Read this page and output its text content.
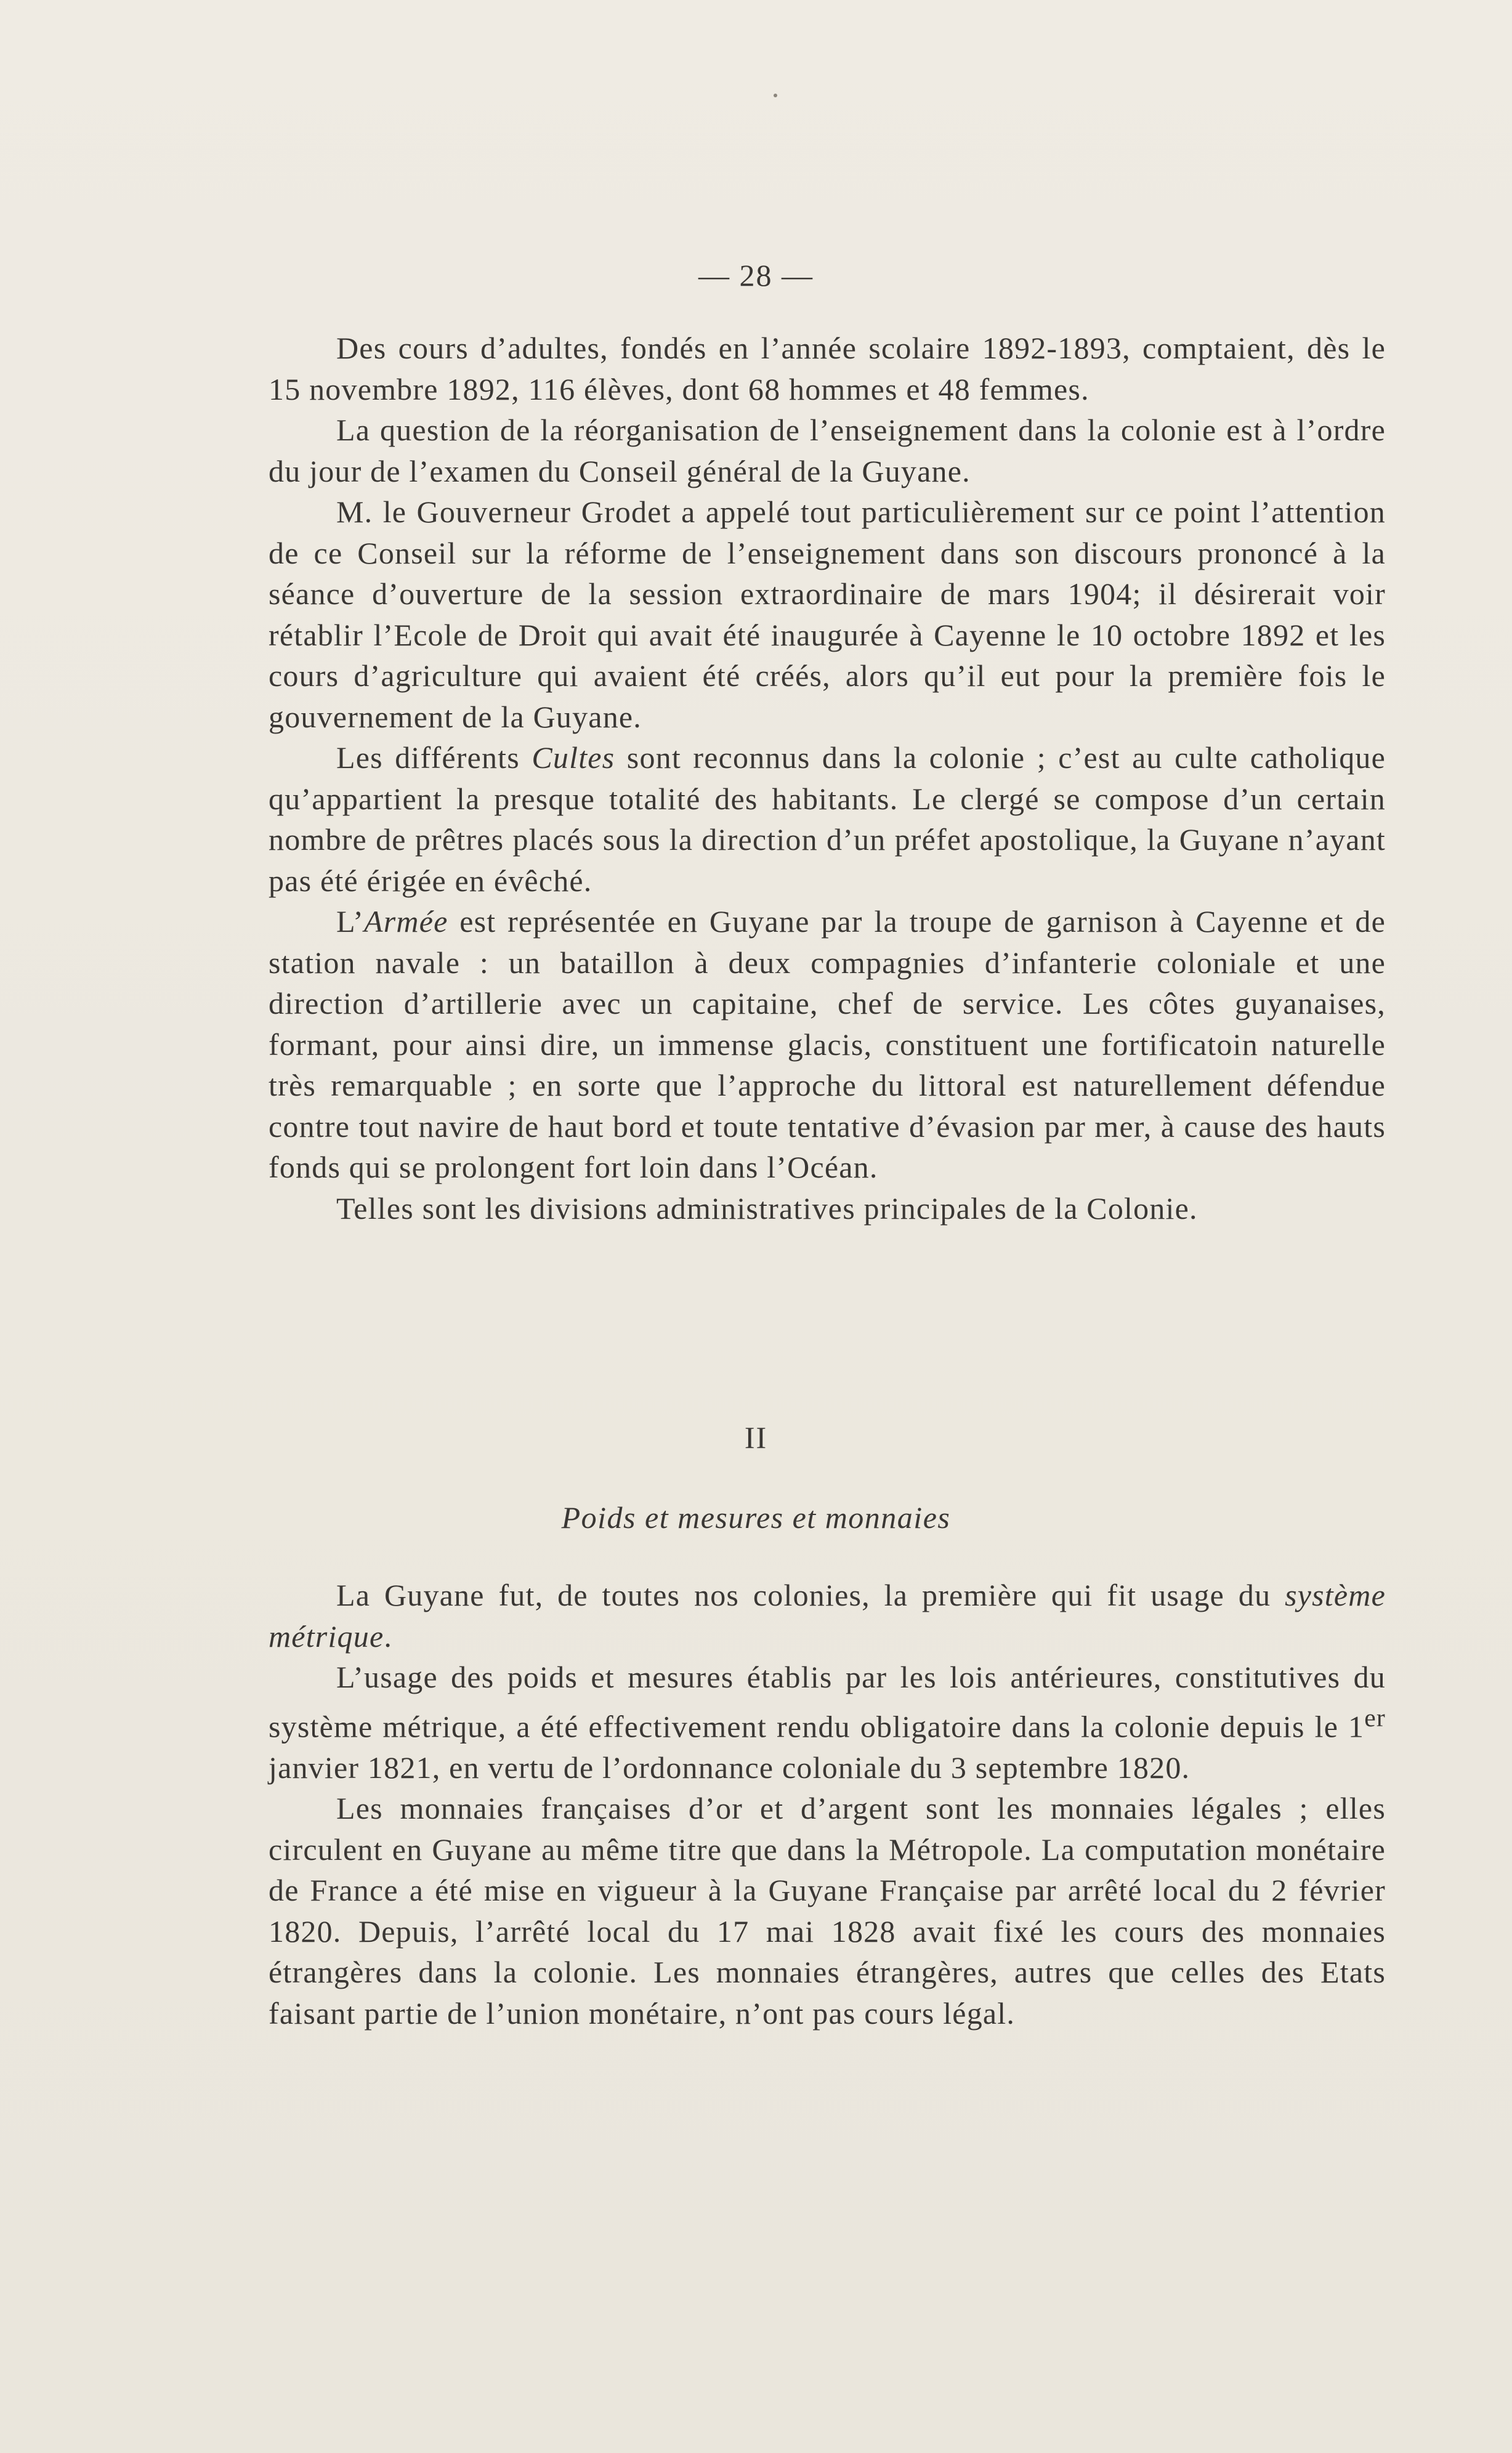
— 28 —

Des cours d’adultes, fondés en l’année scolaire 1892-1893, comptaient, dès le 15 novembre 1892, 116 élèves, dont 68 hommes et 48 femmes.

La question de la réorganisation de l’enseignement dans la colonie est à l’ordre du jour de l’examen du Conseil général de la Guyane.

M. le Gouverneur Grodet a appelé tout particulièrement sur ce point l’attention de ce Conseil sur la réforme de l’enseignement dans son discours prononcé à la séance d’ouverture de la session extraordinaire de mars 1904; il désirerait voir rétablir l’Ecole de Droit qui avait été inaugurée à Cayenne le 10 octobre 1892 et les cours d’agriculture qui avaient été créés, alors qu’il eut pour la première fois le gouvernement de la Guyane.

Les différents Cultes sont reconnus dans la colonie ; c’est au culte catholique qu’appartient la presque totalité des habitants. Le clergé se compose d’un certain nombre de prêtres placés sous la direction d’un préfet apostolique, la Guyane n’ayant pas été érigée en évêché.

L’Armée est représentée en Guyane par la troupe de garnison à Cayenne et de station navale : un bataillon à deux compagnies d’infanterie coloniale et une direction d’artillerie avec un capitaine, chef de service. Les côtes guyanaises, formant, pour ainsi dire, un immense glacis, constituent une fortificatoin naturelle très remarquable ; en sorte que l’approche du littoral est naturellement défendue contre tout navire de haut bord et toute tentative d’évasion par mer, à cause des hauts fonds qui se prolongent fort loin dans l’Océan.

Telles sont les divisions administratives principales de la Colonie.

II
Poids et mesures et monnaies

La Guyane fut, de toutes nos colonies, la première qui fit usage du système métrique.

L’usage des poids et mesures établis par les lois antérieures, constitutives du système métrique, a été effectivement rendu obligatoire dans la colonie depuis le 1er janvier 1821, en vertu de l’ordonnance coloniale du 3 septembre 1820.

Les monnaies françaises d’or et d’argent sont les monnaies légales ; elles circulent en Guyane au même titre que dans la Métropole. La computation monétaire de France a été mise en vigueur à la Guyane Française par arrêté local du 2 février 1820. Depuis, l’arrêté local du 17 mai 1828 avait fixé les cours des monnaies étrangères dans la colonie. Les monnaies étrangères, autres que celles des Etats faisant partie de l’union monétaire, n’ont pas cours légal.
